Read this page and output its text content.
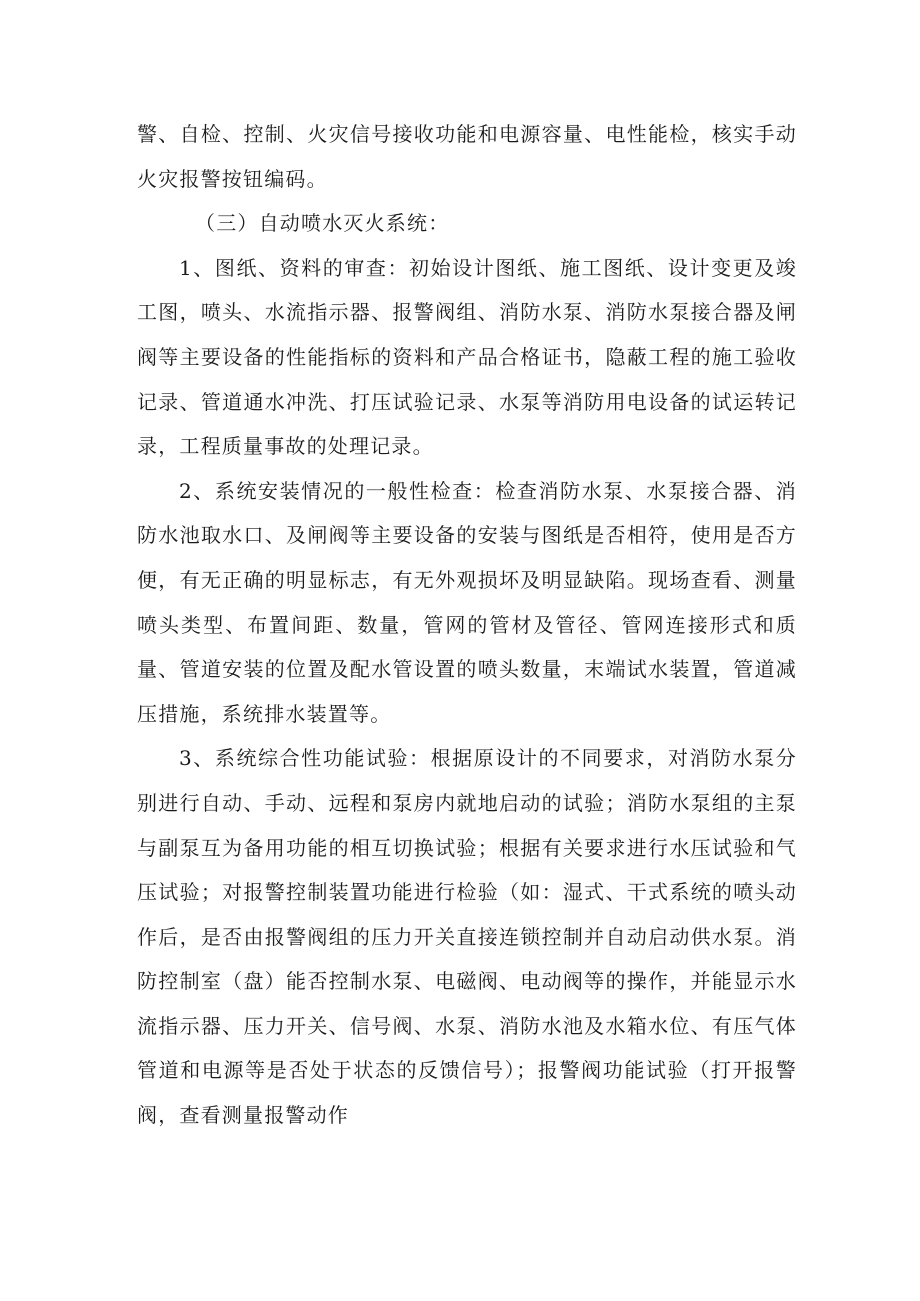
警、自检、控制、火灾信号接收功能和电源容量、电性能检，核实手动火灾报警按钮编码。

（三）自动喷水灭火系统：

1、图纸、资料的审查：初始设计图纸、施工图纸、设计变更及竣工图，喷头、水流指示器、报警阀组、消防水泵、消防水泵接合器及闸阀等主要设备的性能指标的资料和产品合格证书，隐蔽工程的施工验收记录、管道通水冲洗、打压试验记录、水泵等消防用电设备的试运转记录，工程质量事故的处理记录。

2、系统安装情况的一般性检查：检查消防水泵、水泵接合器、消防水池取水口、及闸阀等主要设备的安装与图纸是否相符，使用是否方便，有无正确的明显标志，有无外观损坏及明显缺陷。现场查看、测量喷头类型、布置间距、数量，管网的管材及管径、管网连接形式和质量、管道安装的位置及配水管设置的喷头数量，末端试水装置，管道减压措施，系统排水装置等。

3、系统综合性功能试验：根据原设计的不同要求，对消防水泵分别进行自动、手动、远程和泵房内就地启动的试验；消防水泵组的主泵与副泵互为备用功能的相互切换试验；根据有关要求进行水压试验和气压试验；对报警控制装置功能进行检验（如：湿式、干式系统的喷头动作后，是否由报警阀组的压力开关直接连锁控制并自动启动供水泵。消防控制室（盘）能否控制水泵、电磁阀、电动阀等的操作，并能显示水流指示器、压力开关、信号阀、水泵、消防水池及水箱水位、有压气体管道和电源等是否处于状态的反馈信号）；报警阀功能试验（打开报警阀，查看测量报警动作
